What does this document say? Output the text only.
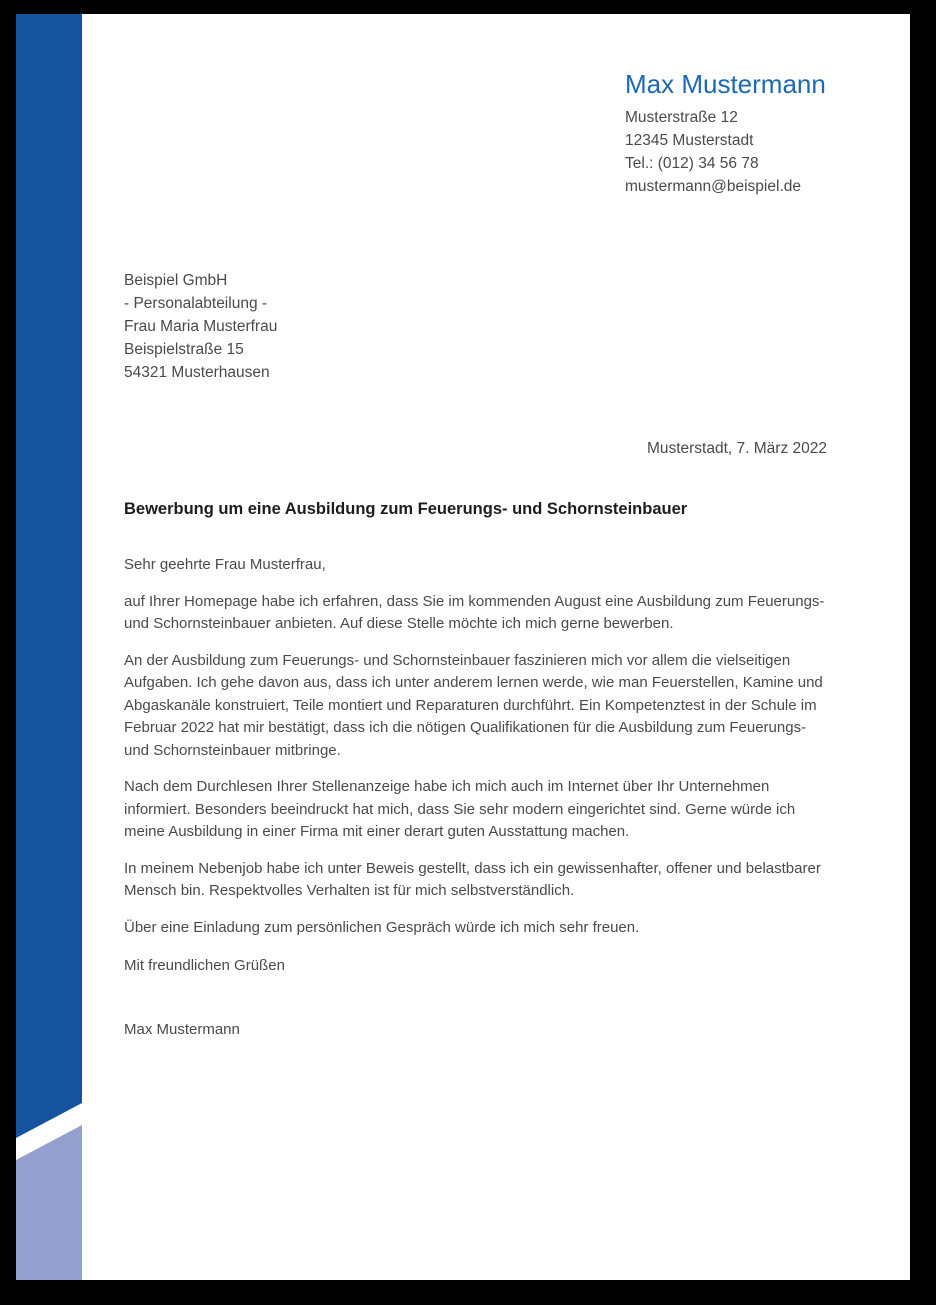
Max Mustermann
Musterstraße 12
12345 Musterstadt
Tel.: (012) 34 56 78
mustermann@beispiel.de
Beispiel GmbH
- Personalabteilung -
Frau Maria Musterfrau
Beispielstraße 15
54321 Musterhausen
Musterstadt, 7. März 2022
Bewerbung um eine Ausbildung zum Feuerungs- und Schornsteinbauer
Sehr geehrte Frau Musterfrau,

auf Ihrer Homepage habe ich erfahren, dass Sie im kommenden August eine Ausbildung zum Feuerungs- und Schornsteinbauer anbieten. Auf diese Stelle möchte ich mich gerne bewerben.

An der Ausbildung zum Feuerungs- und Schornsteinbauer faszinieren mich vor allem die vielseitigen Aufgaben. Ich gehe davon aus, dass ich unter anderem lernen werde, wie man Feuerstellen, Kamine und Abgaskanäle konstruiert, Teile montiert und Reparaturen durchführt. Ein Kompetenztest in der Schule im Februar 2022 hat mir bestätigt, dass ich die nötigen Qualifikationen für die Ausbildung zum Feuerungs- und Schornsteinbauer mitbringe.

Nach dem Durchlesen Ihrer Stellenanzeige habe ich mich auch im Internet über Ihr Unternehmen informiert. Besonders beeindruckt hat mich, dass Sie sehr modern eingerichtet sind. Gerne würde ich meine Ausbildung in einer Firma mit einer derart guten Ausstattung machen.

In meinem Nebenjob habe ich unter Beweis gestellt, dass ich ein gewissenhafter, offener und belastbarer Mensch bin. Respektvolles Verhalten ist für mich selbstverständlich.

Über eine Einladung zum persönlichen Gespräch würde ich mich sehr freuen.

Mit freundlichen Grüßen
Max Mustermann
